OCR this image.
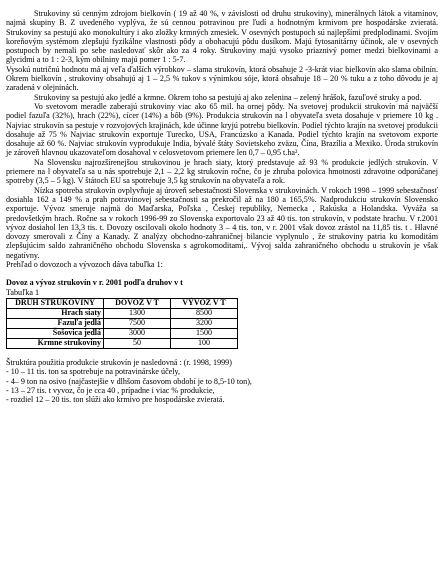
Strukoviny sú cenným zdrojom bielkovín ( 19 až 40 %, v závislosti od druhu strukoviny), minerálnych látok a vitamínov, najmä skupiny B. Z uvedeného vyplýva, že sú cennou potravinou pre ľudí a hodnotným krmivom pre hospodárske zvieratá. Strukoviny sa pestujú ako monokultúry i ako zložky krmných zmesiek. V osevných postupoch sú najlepšími predplodinami. Svojím koreňovým systémom zlepšujú fyzikálne vlastnosti pôdy a obohacujú pôdu dusíkom. Majú fytosanitárny účinok, ale v osevných postupoch by nemali po sebe nasledovať skôr ako za 4 roky. Strukoviny majú vysoko priaznivý pomer medzi bielkovinami a glycidmi a to 1 : 2-3, kým obilniny majú pomer 1 : 5-7.

Vysokú nutričnú hodnotu má aj veľa ďalších výrobkov – slama strukovín, ktorá obsahuje 2 -3-krát viac bielkovín ako slama obilnín. Okrem bielkovín , strukoviny obsahujú aj 1 – 2,5 % tukov s výnimkou sóje, ktorá obsahuje 18 – 20 % tuku a z toho dôvodu je aj zaradená v olejninách.

Strukoviny sa pestujú ako jedlé a krmne. Okrem toho sa pestujú aj ako zelenina – zelený hrášok, fazuľové struky a pod.

Vo svetovom meradle zaberajú strukoviny viac ako 65 mil. ha ornej pôdy. Na svetovej produkcii strukovín má najväčší podiel fazuľa (32%), hrach (22%), cícer (14%) a bôb (9%). Produkcia strukovín na l obyvateľa sveta dosahuje v priemere 10 kg . Najviac strukovín sa pestuje v rozvojových krajinách, kde účinne kryjú potrebu bielkovín. Podiel týchto krajín na svetovej produkcii dosahuje až 75 % Najviac strukovín exportuje Turecko, USA, Francúzsko a Kanada. Podiel týchto krajín na svetovom exporte dosahuje až 60 %. Najviac strukovín vyprodukuje India, bývalé štáty Sovietskeho zväzu, Čína, Brazília a Mexiko. Úroda strukovín je zároveň hlavnou ukazovateľom dosahoval v celosvetovom priemere len 0,7 – 0,95 t.ha².

Na Slovensku najrozšírenejšou strukovinou je hrach siaty, ktorý predstavuje až 93 % produkcie jedlých strukovín. V priemere na l obyvateľa sa u nás spotrebuje 2,1 – 2,2 kg strukovín ročne, čo je zhruba polovica hmotnosti zdravotne odporúčanej spotreby (3,5 – 5 kg). V štátoch EU sa spotrebuje 3,5 kg strukovín na obyvateľa a rok.

Nízka spotreba strukovín ovplyvňuje aj úroveň sebestačnosti Slovenska v strukovinách. V rokoch 1998 – 1999 sebestačnosť dosiahla 162 a 149 % a prah potravinovej sebestačnosti sa prekročil až na 180 a 165,5%. Nadprodukciu strukovín Slovensko exportuje. Vývoz smeruje najmä do Maďarska, Poľska , Českej republiky, Nemecka , Rakúska a Holandska. Vyváža sa predovšetkým hrach. Ročne sa v rokoch 1996-99 zo Slovenska exportovalo 23 až 40 tis. ton strukovín, v podstate hrachu. V r.2001 vývoz dosiahol len 13,3 tis. t. Dovozy oscilovali okolo hodnoty 3 – 4 tis. ton, v r. 2001 však dovoz zrástol na 11,85 tis. t . Hlavné dovozy smerovali z Číny a Kanady. Z analýzy obchodno-zahraničnej bilancie vyplynulo , že strukoviny patria ku komoditám zlepšujúcim saldo zahraničného obchodu Slovenska s agrokomoditami,. Vývoj salda zahraničného obchodu u strukovín je však negatívny.

Prehľad o dovozoch a vývozoch dáva tabuľka 1:

Dovoz a vývoz strukovín v r. 2001 podľa druhov v t

Tabuľka 1

DRUH STRUKOVINY	DOVOZ V T	VÝVOZ V T
Hrach siaty	1300	8500
Fazuľa jedlá	7500	3200
Šošovica jedlá	3000	1500
Krmne strukoviny	50	100

Štruktúra použitia produkcie strukovín je nasledovná : (r. 1998, 1999)

- 10 – 11 tis. ton sa spotrebuje na potravinárske účely,
- 4– 9 ton na osivo (najčastejšie v dlhšom časovom období je to 8,5-10 ton),
- 13 – 27 tis. t vyvoz, čo je cca 40 , prípadne i viac % produkcie,
- rozdiel 12 – 20 tis. ton slúži ako krmivo pre hospodárske zvieratá.
